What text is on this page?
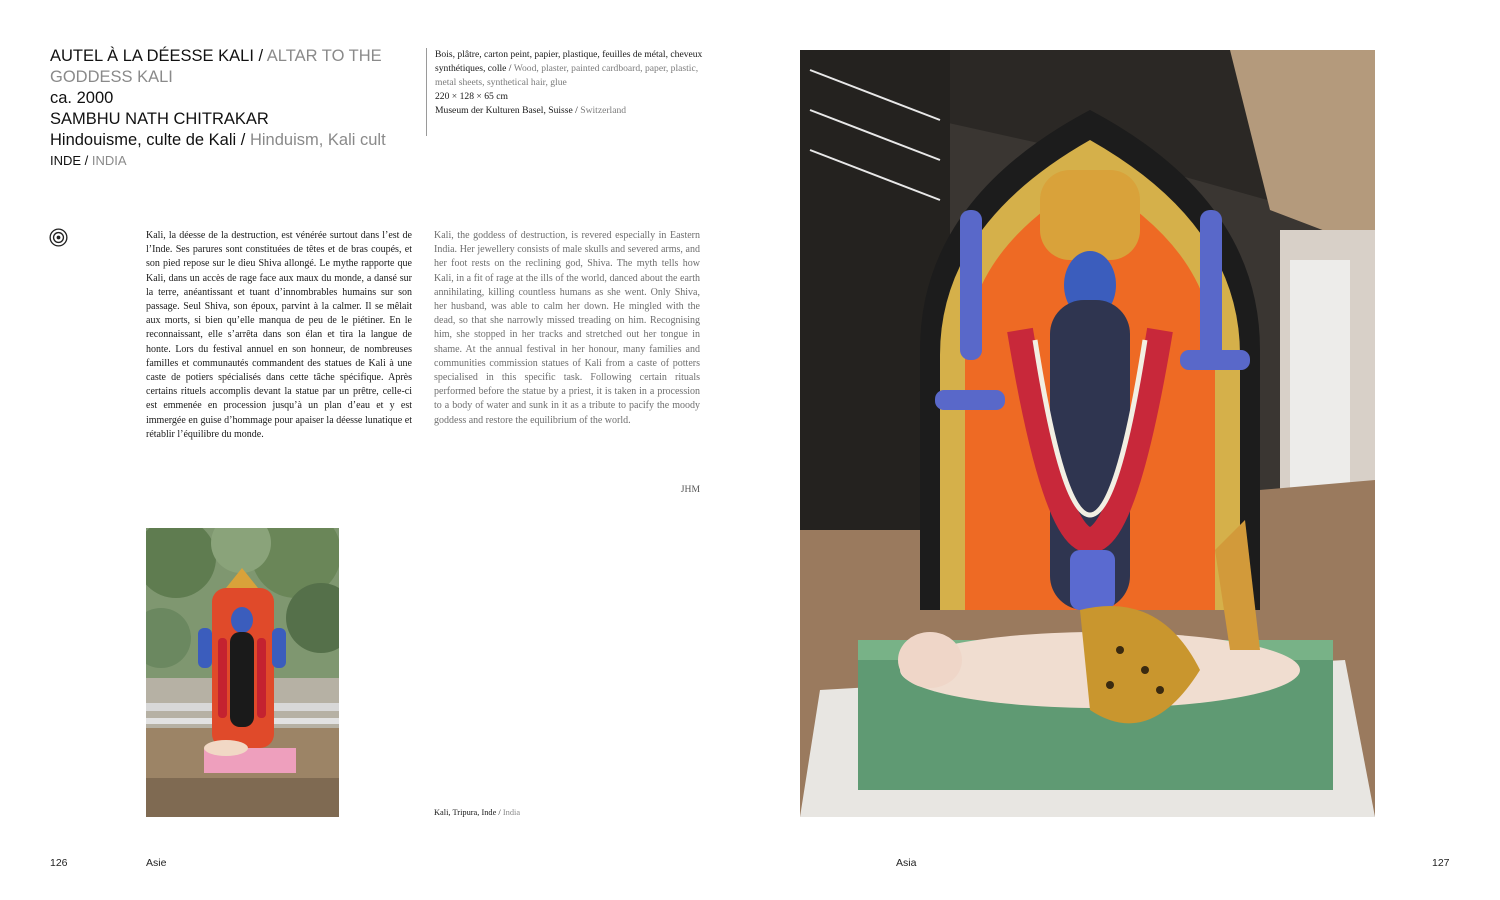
AUTEL À LA DÉESSE KALI / ALTAR TO THE
GODDESS KALI
ca. 2000
SAMBHU NATH CHITRAKAR
Hindouisme, culte de Kali / Hinduism, Kali cult
INDE / INDIA
Bois, plâtre, carton peint, papier, plastique, feuilles de métal, cheveux synthétiques, colle / Wood, plaster, painted cardboard, paper, plastic, metal sheets, synthetical hair, glue
220 × 128 × 65 cm
Museum der Kulturen Basel, Suisse / Switzerland
Kali, la déesse de la destruction, est vénérée surtout dans l’est de l’Inde. Ses parures sont constituées de têtes et de bras coupés, et son pied repose sur le dieu Shiva allongé. Le mythe rapporte que Kali, dans un accès de rage face aux maux du monde, a dansé sur la terre, anéantissant et tuant d’innombrables humains sur son passage. Seul Shiva, son époux, parvint à la calmer. Il se mêlait aux morts, si bien qu’elle manqua de peu de le piétiner. En le reconnaissant, elle s’arrêta dans son élan et tira la langue de honte. Lors du festival annuel en son honneur, de nombreuses familles et communautés commandent des statues de Kali à une caste de potiers spécialisés dans cette tâche spécifique. Après certains rituels accomplis devant la statue par un prêtre, celle-ci est emmenée en procession jusqu’à un plan d’eau et y est immergée en guise d’hommage pour apaiser la déesse lunatique et rétablir l’équilibre du monde.
Kali, the goddess of destruction, is revered especially in Eastern India. Her jewellery consists of male skulls and severed arms, and her foot rests on the reclining god, Shiva. The myth tells how Kali, in a fit of rage at the ills of the world, danced about the earth annihilating, killing countless humans as she went. Only Shiva, her husband, was able to calm her down. He mingled with the dead, so that she narrowly missed treading on him. Recognising him, she stopped in her tracks and stretched out her tongue in shame. At the annual festival in her honour, many families and communities commission statues of Kali from a caste of potters specialised in this specific task. Following certain rituals performed before the statue by a priest, it is taken in a procession to a body of water and sunk in it as a tribute to pacify the moody goddess and restore the equilibrium of the world.
JHM
Kali, Tripura, Inde / India
126	Asie	Asia	127
